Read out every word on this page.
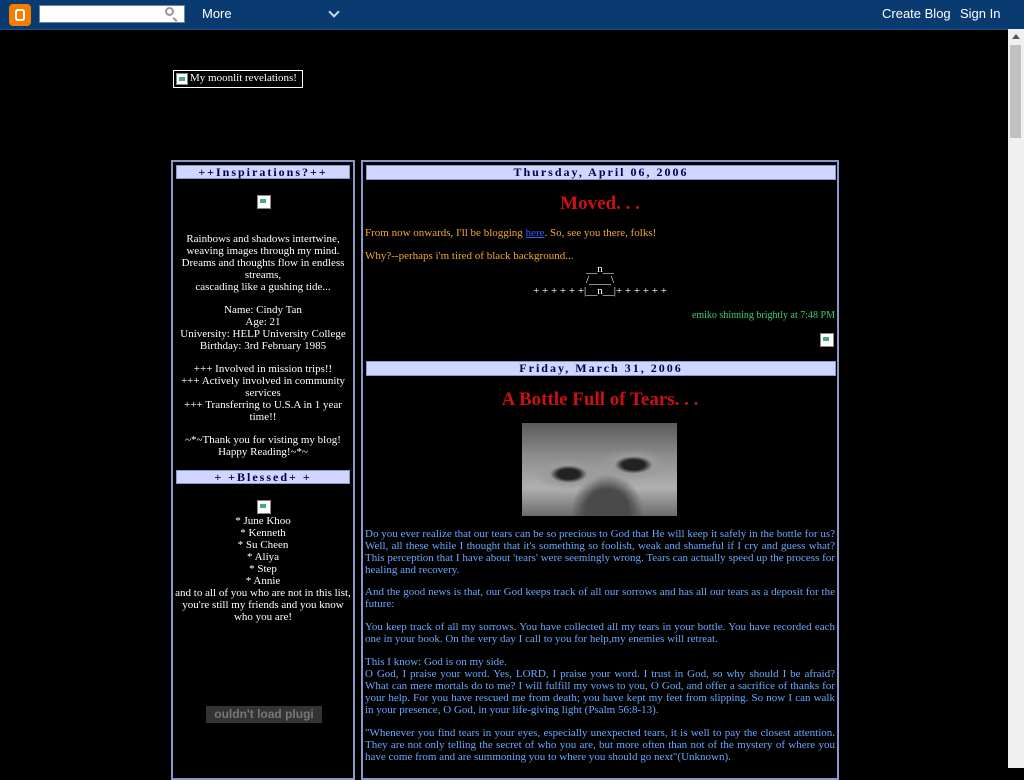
More	Create Blog Sign In
My moonlit revelations!
++Inspirations?++
Rainbows and shadows intertwine,
weaving images through my mind.
Dreams and thoughts flow in endless streams,
cascading like a gushing tide...
Name: Cindy Tan
Age: 21
University: HELP University College
Birthday: 3rd February 1985
+++ Involved in mission trips!!
+++ Actively involved in community services
+++ Transferring to U.S.A in 1 year time!!
~*~Thank you for visting my blog!
Happy Reading!~*~
+ +Blessed+ +
* June Khoo
* Kenneth
* Su Cheen
* Aliya
* Step
* Annie
and to all of you who are not in this list, you're still my friends and you know who you are!
ouldn't load plugi
Thursday, April 06, 2006
Moved. . .
From now onwards, I'll be blogging here. So, see you there, folks!
Why?--perhaps i'm tired of black background...
__n__
/____\
+ + + + + +|__n__|+ + + + + +
emiko shinning brightly at 7:48 PM
Friday, March 31, 2006
A Bottle Full of Tears. . .
Do you ever realize that our tears can be so precious to God that He will keep it safely in the bottle for us? Well, all these while I thought that it's something so foolish, weak and shameful if I cry and guess what? This perception that I have about 'tears' were seemingly wrong. Tears can actually speed up the process for healing and recovery.
And the good news is that, our God keeps track of all our sorrows and has all our tears as a deposit for the future:
You keep track of all my sorrows. You have collected all my tears in your bottle. You have recorded each one in your book. On the very day I call to you for help,my enemies will retreat.
This I know: God is on my side.
O God, I praise your word. Yes, LORD, I praise your word. I trust in God, so why should I be afraid? What can mere mortals do to me? I will fulfill my vows to you, O God, and offer a sacrifice of thanks for your help. For you have rescued me from death; you have kept my feet from slipping. So now I can walk in your presence, O God, in your life-giving light (Psalm 56:8-13).
"Whenever you find tears in your eyes, especially unexpected tears, it is well to pay the closest attention. They are not only telling the secret of who you are, but more often than not of the mystery of where you have come from and are summoning you to where you should go next"(Unknown).
